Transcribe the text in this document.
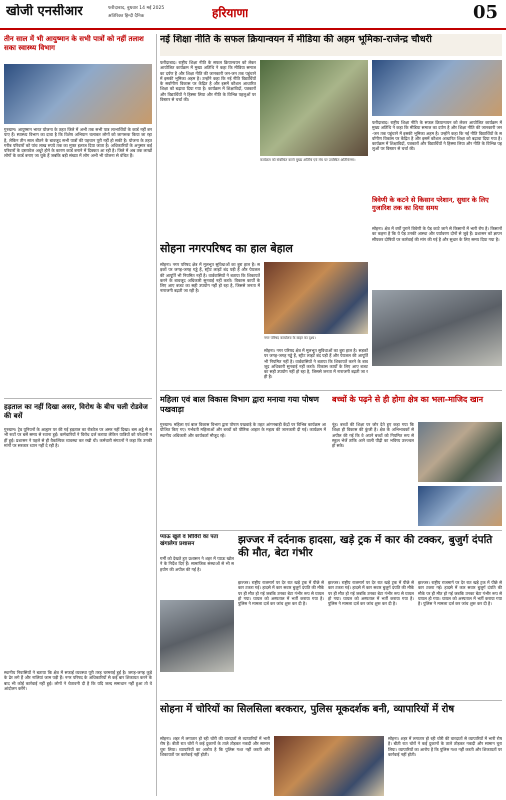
खोजी एनसीआर	फरीदाबाद, बुधवार 14 मई 2025
अतिरिक्त हिन्दी दैनिक	हरियाणा	05
तीन साल में भी आयुष्मान के सभी पात्रों को नहीं तलाश सका स्वास्थ्य विभाग
गुरुग्राम। आयुष्मान भारत योजना के तहत जिले में अभी तक सभी पात्र लाभार्थियों के कार्ड नहीं बन पाए हैं। स्वास्थ्य विभाग का दावा है कि विशेष अभियान चलाकर लोगों को जागरूक किया जा रहा है, लेकिन तीन साल बीतने के बावजूद सभी पात्रों की पहचान पूरी नहीं हो सकी है। योजना के तहत गरीब परिवारों को पांच लाख रुपये तक का मुफ्त इलाज दिया जाता है। अधिकारियों के अनुसार कई परिवारों के दस्तावेज अधूरे होने के कारण कार्ड बनाने में दिक्कत आ रही है। जिले में अब तक लाखों लोगों के कार्ड बनाए जा चुके हैं जबकि बड़ी संख्या में लोग अभी भी योजना से वंचित हैं।
हड़ताल का नहीं दिखा असर, विरोध के बीच चली रोडवेज की बसें
गुरुग्राम। ट्रेड यूनियनों के आह्वान पर की गई हड़ताल का रोडवेज पर असर नहीं दिखा। बस अड्डे से सभी रूटों पर बसें समय से रवाना हुईं। कर्मचारियों ने विरोध दर्ज कराया लेकिन यात्रियों को परेशानी नहीं हुई। प्रशासन ने पहले से ही वैकल्पिक व्यवस्था कर रखी थी। कर्मचारी संगठनों ने कहा कि उनकी मांगों पर सरकार ध्यान नहीं दे रही है।
स्थानीय निवासियों ने बताया कि क्षेत्र में सफाई व्यवस्था पूरी तरह चरमराई हुई है। जगह-जगह कूड़े के ढेर लगे हैं और नालियां जाम पड़ी हैं। नगर परिषद के अधिकारियों से कई बार शिकायत करने के बाद भी कोई कार्रवाई नहीं हुई। लोगों ने चेतावनी दी है कि यदि जल्द समाधान नहीं हुआ तो वे आंदोलन करेंगे।
नई शिक्षा नीति के सफल क्रियान्वयन में मीडिया की अहम भूमिका-राजेन्द्र चौधरी
फरीदाबाद। राष्ट्रीय शिक्षा नीति के सफल क्रियान्वयन को लेकर आयोजित कार्यक्रम में मुख्य अतिथि ने कहा कि मीडिया समाज का दर्पण है और शिक्षा नीति की जानकारी जन-जन तक पहुंचाने में इसकी भूमिका अहम है। उन्होंने कहा कि नई नीति विद्यार्थियों के सर्वांगीण विकास पर केंद्रित है और इसमें कौशल आधारित शिक्षा को बढ़ावा दिया गया है। कार्यक्रम में शिक्षाविदों, पत्रकारों और विद्यार्थियों ने हिस्सा लिया और नीति के विभिन्न पहलुओं पर विस्तार से चर्चा की।
कार्यक्रम को संबोधित करते मुख्य अतिथि एवं मंच पर उपस्थित अतिथिगण।
फरीदाबाद। राष्ट्रीय शिक्षा नीति के सफल क्रियान्वयन को लेकर आयोजित कार्यक्रम में मुख्य अतिथि ने कहा कि मीडिया समाज का दर्पण है और शिक्षा नीति की जानकारी जन-जन तक पहुंचाने में इसकी भूमिका अहम है। उन्होंने कहा कि नई नीति विद्यार्थियों के सर्वांगीण विकास पर केंद्रित है और इसमें कौशल आधारित शिक्षा को बढ़ावा दिया गया है। कार्यक्रम में शिक्षाविदों, पत्रकारों और विद्यार्थियों ने हिस्सा लिया और नीति के विभिन्न पहलुओं पर विस्तार से चर्चा की।
त्रिवेणी के कटने से किसान परेशान, सुधार के लिए गुजारिश तक का दिया समय
सोहना। क्षेत्र में वर्षों पुराने त्रिवेणी के पेड़ काटे जाने से किसानों में भारी रोष है। किसानों का कहना है कि ये पेड़ उनकी आस्था और पर्यावरण दोनों से जुड़े हैं। प्रशासन को ज्ञापन सौंपकर दोषियों पर कार्रवाई की मांग की गई है और सुधार के लिए समय दिया गया है।
सोहना नगरपरिषद का हाल बेहाल
सोहना। नगर परिषद क्षेत्र में मूलभूत सुविधाओं का बुरा हाल है। सड़कों पर जगह-जगह गड्ढे हैं, स्ट्रीट लाइटें बंद पड़ी हैं और पेयजल की आपूर्ति भी नियमित नहीं है। वार्डवासियों ने बताया कि शिकायतें करने के बावजूद अधिकारी सुनवाई नहीं करते। विकास कार्यों के लिए आए बजट का सही उपयोग नहीं हो रहा है, जिससे जनता में नाराजगी बढ़ती जा रही है।
नगर परिषद कार्यालय के बाहर का दृश्य।
सोहना। नगर परिषद क्षेत्र में मूलभूत सुविधाओं का बुरा हाल है। सड़कों पर जगह-जगह गड्ढे हैं, स्ट्रीट लाइटें बंद पड़ी हैं और पेयजल की आपूर्ति भी नियमित नहीं है। वार्डवासियों ने बताया कि शिकायतें करने के बावजूद अधिकारी सुनवाई नहीं करते। विकास कार्यों के लिए आए बजट का सही उपयोग नहीं हो रहा है, जिससे जनता में नाराजगी बढ़ती जा रही है।
महिला एवं बाल विकास विभाग द्वारा मनाया गया पोषण पखवाड़ा
गुरुग्राम। महिला एवं बाल विकास विभाग द्वारा पोषण पखवाड़े के तहत आंगनबाड़ी केंद्रों पर विभिन्न कार्यक्रम आयोजित किए गए। गर्भवती महिलाओं और बच्चों को पौष्टिक आहार के महत्व की जानकारी दी गई। कार्यक्रम में स्थानीय अधिकारी और कार्यकर्ता मौजूद रहे।
बच्चों के पढ़ने से ही होगा क्षेत्र का भला-माजिद खान
नूंह। बच्चों की शिक्षा पर जोर देते हुए कहा गया कि शिक्षा ही विकास की कुंजी है। क्षेत्र के अभिभावकों से अपील की गई कि वे अपने बच्चों को नियमित रूप से स्कूल भेजें ताकि आने वाली पीढ़ी का भविष्य उज्ज्वल हो सके।
प्याऊ खुले व शिविरों का पता खंगालेगा प्रशासन
गर्मी को देखते हुए प्रशासन ने शहर में प्याऊ खोलने के निर्देश दिए हैं। सामाजिक संस्थाओं से भी सहयोग की अपील की गई है।
झज्जर में दर्दनाक हादसा, खड़े ट्रक में कार की टक्कर, बुजुर्ग दंपति की मौत, बेटा गंभीर
झज्जर। राष्ट्रीय राजमार्ग पर देर रात खड़े ट्रक में पीछे से कार टकरा गई। हादसे में कार सवार बुजुर्ग दंपति की मौके पर ही मौत हो गई जबकि उनका बेटा गंभीर रूप से घायल हो गया। घायल को अस्पताल में भर्ती कराया गया है। पुलिस ने मामला दर्ज कर जांच शुरू कर दी है।
झज्जर। राष्ट्रीय राजमार्ग पर देर रात खड़े ट्रक में पीछे से कार टकरा गई। हादसे में कार सवार बुजुर्ग दंपति की मौके पर ही मौत हो गई जबकि उनका बेटा गंभीर रूप से घायल हो गया। घायल को अस्पताल में भर्ती कराया गया है। पुलिस ने मामला दर्ज कर जांच शुरू कर दी है।
झज्जर। राष्ट्रीय राजमार्ग पर देर रात खड़े ट्रक में पीछे से कार टकरा गई। हादसे में कार सवार बुजुर्ग दंपति की मौके पर ही मौत हो गई जबकि उनका बेटा गंभीर रूप से घायल हो गया। घायल को अस्पताल में भर्ती कराया गया है। पुलिस ने मामला दर्ज कर जांच शुरू कर दी है।
सोहना में चोरियों का सिलसिला बरकरार, पुलिस मूकदर्शक बनी, व्यापारियों में रोष
सोहना। शहर में लगातार हो रही चोरी की वारदातों से व्यापारियों में भारी रोष है। बीती रात चोरों ने कई दुकानों के ताले तोड़कर नकदी और सामान चुरा लिया। व्यापारियों का आरोप है कि पुलिस गश्त नहीं करती और शिकायतों पर कार्रवाई नहीं होती।
सोहना। शहर में लगातार हो रही चोरी की वारदातों से व्यापारियों में भारी रोष है। बीती रात चोरों ने कई दुकानों के ताले तोड़कर नकदी और सामान चुरा लिया। व्यापारियों का आरोप है कि पुलिस गश्त नहीं करती और शिकायतों पर कार्रवाई नहीं होती।
